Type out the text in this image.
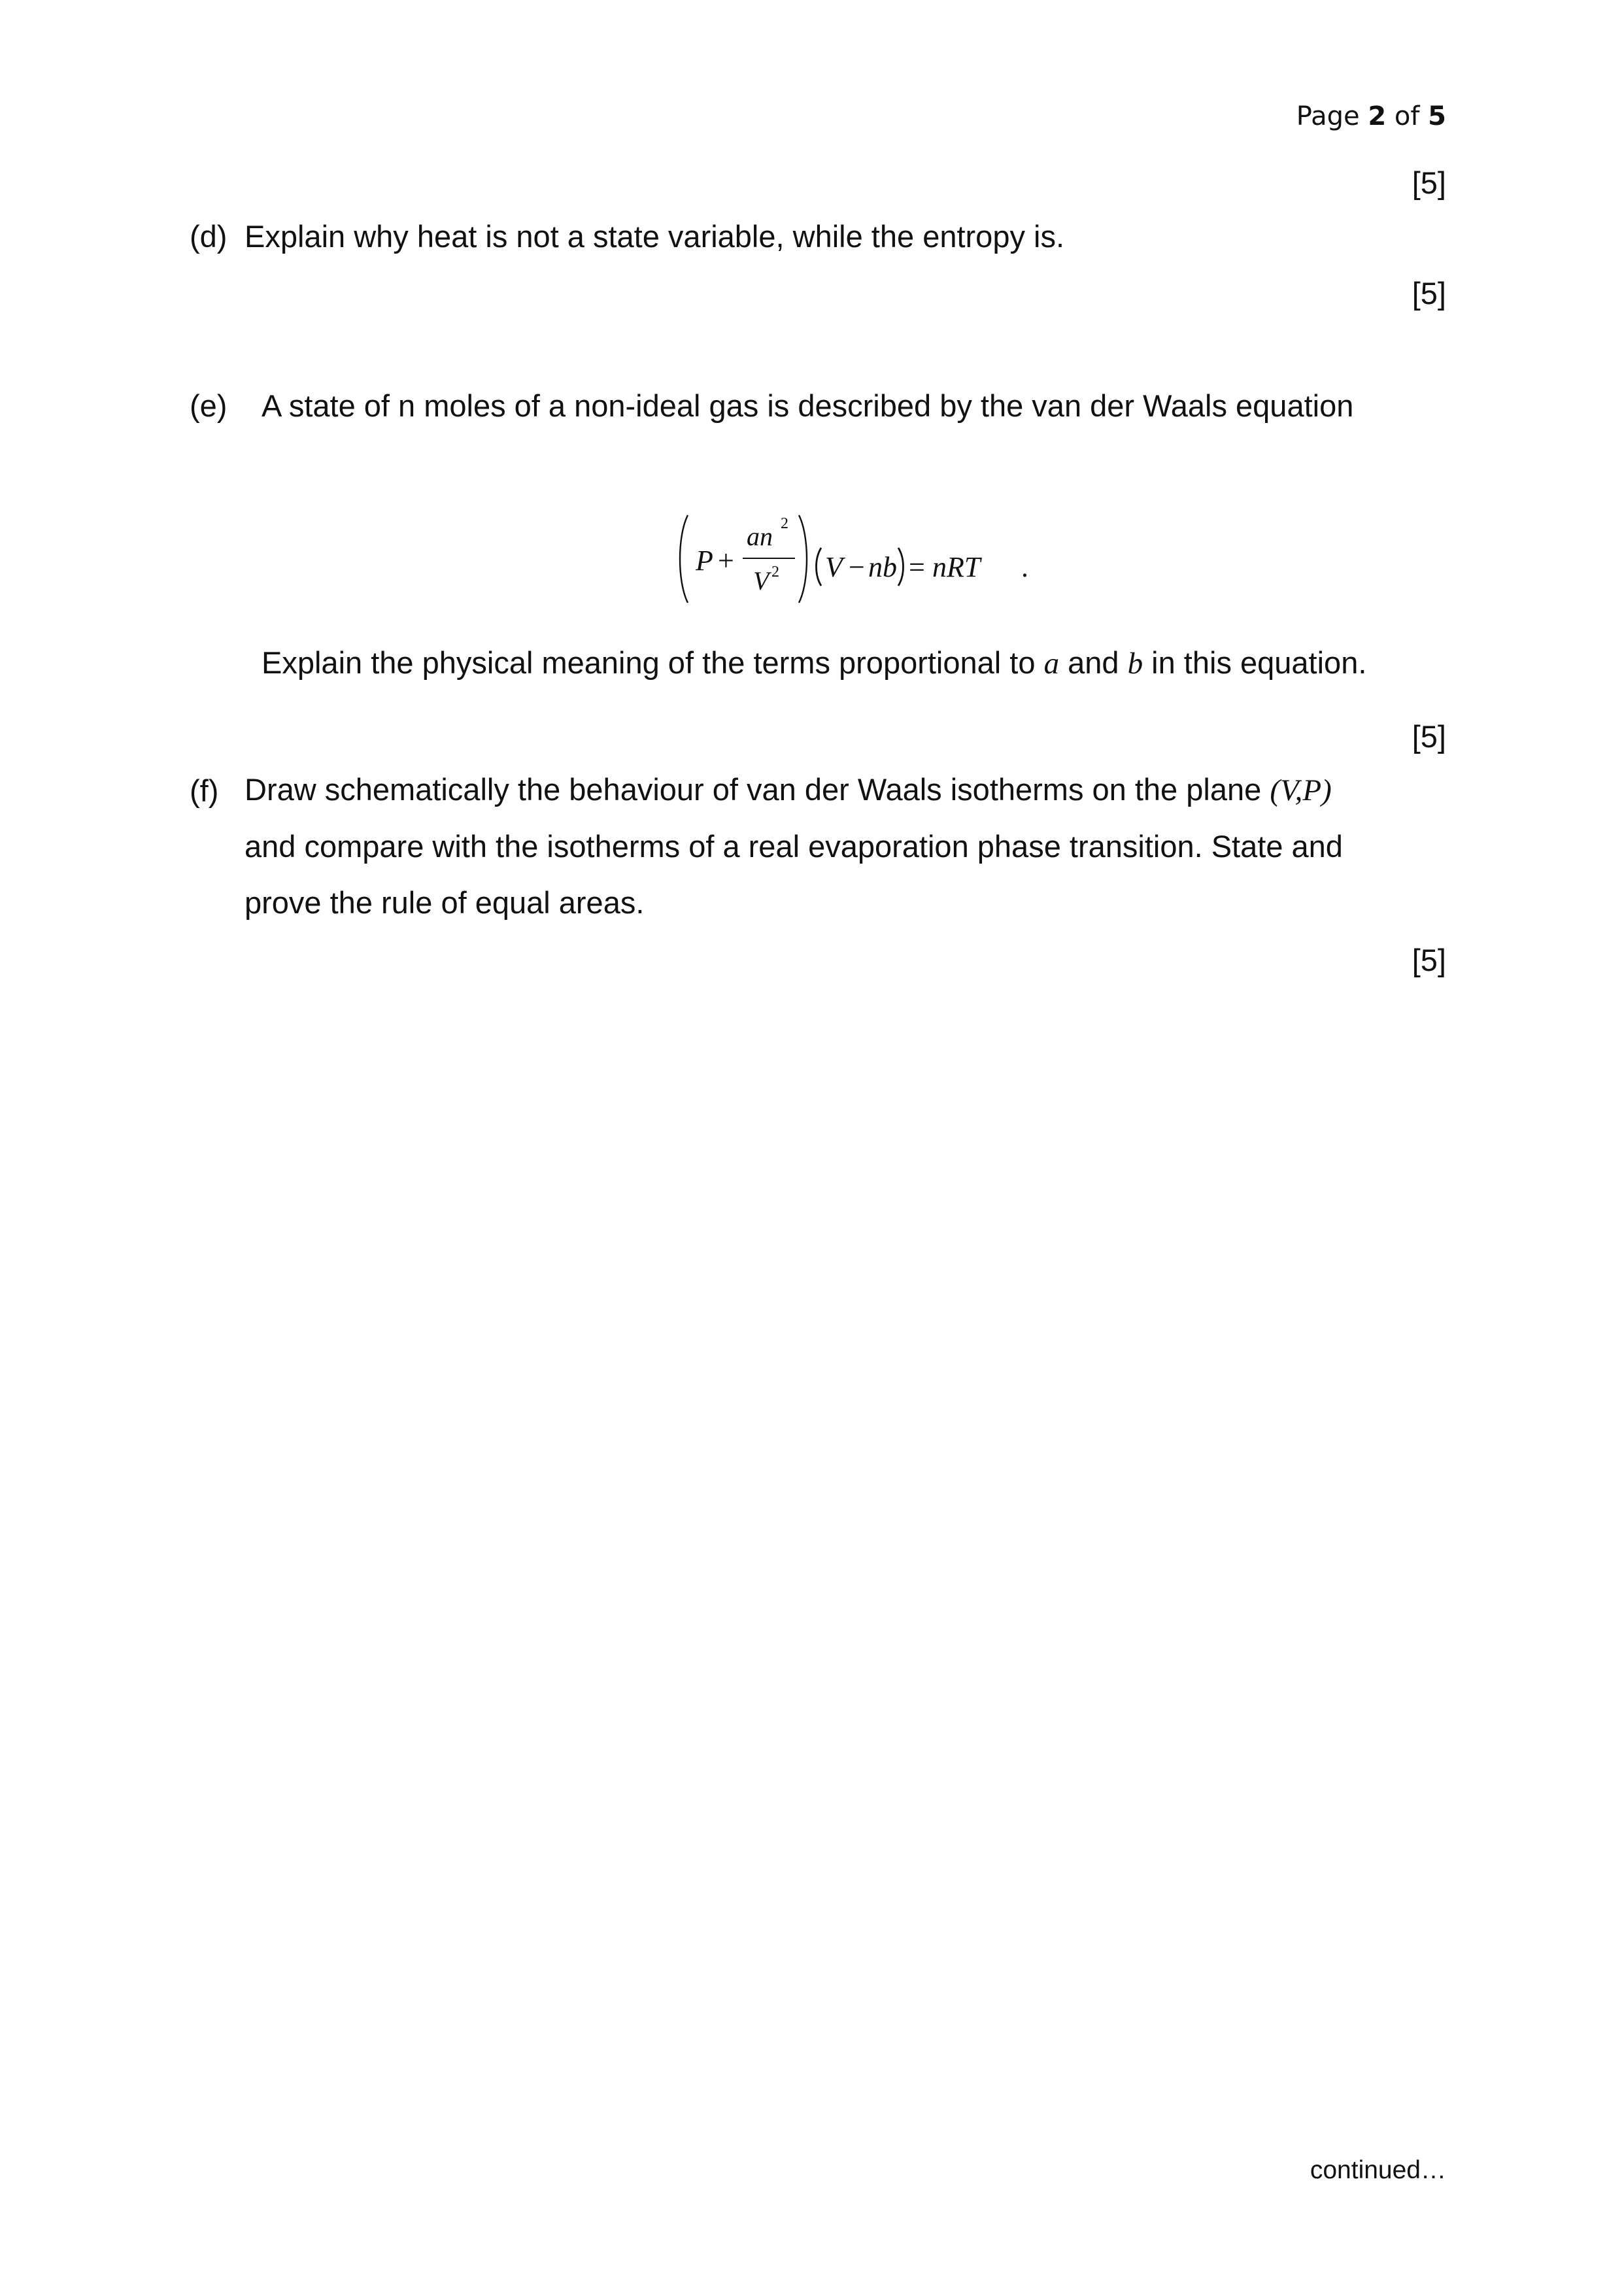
Page 2 of 5
[5]
(d) Explain why heat is not a state variable, while the entropy is.
[5]
(e) A state of n moles of a non-ideal gas is described by the van der Waals equation
P +
an 2
V 2 V − nb = nRT .
Explain the physical meaning of the terms proportional to a and b in this equation.
[5]
(f) Draw schematically the behaviour of van der Waals isotherms on the plane (V,P)
and compare with the isotherms of a real evaporation phase transition. State and
prove the rule of equal areas.
[5]
continued…
